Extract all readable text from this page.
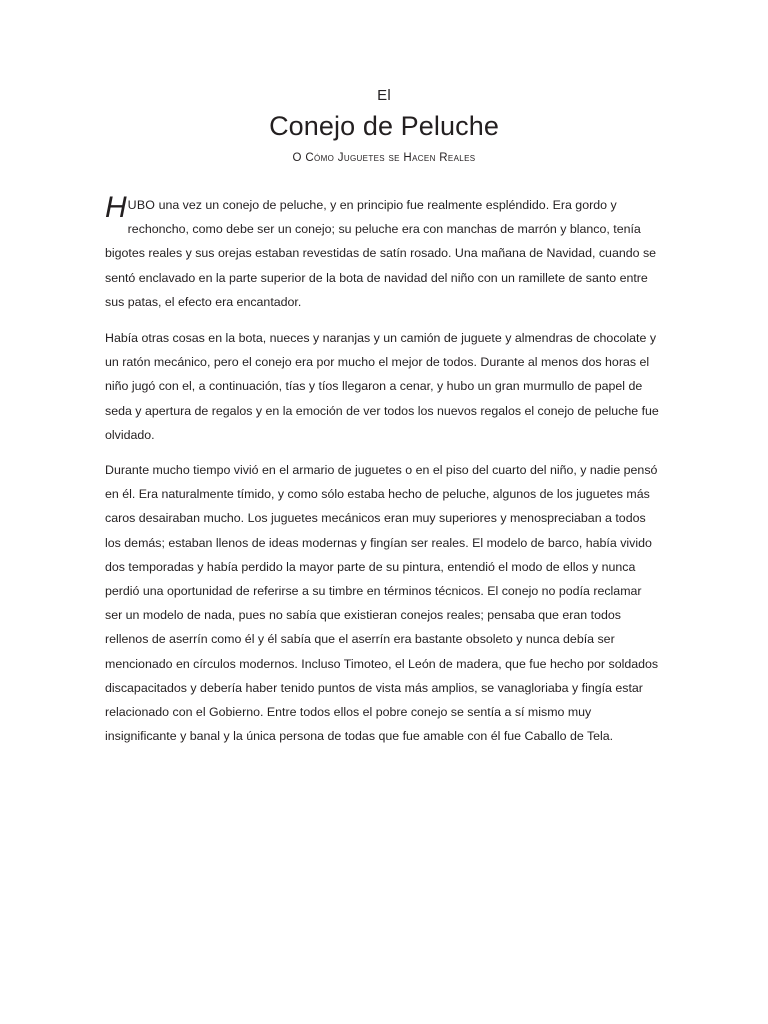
El
Conejo de Peluche
O Cómo Juguetes se Hacen Reales

HUBO una vez un conejo de peluche, y en principio fue realmente espléndido. Era gordo y rechoncho, como debe ser un conejo; su peluche era con manchas de marrón y blanco, tenía bigotes reales y sus orejas estaban revestidas de satín rosado. Una mañana de Navidad, cuando se sentó enclavado en la parte superior de la bota de navidad del niño con un ramillete de santo entre sus patas, el efecto era encantador.

Había otras cosas en la bota, nueces y naranjas y un camión de juguete y almendras de chocolate y un ratón mecánico, pero el conejo era por mucho el mejor de todos. Durante al menos dos horas el niño jugó con el, a continuación, tías y tíos llegaron a cenar, y hubo un gran murmullo de papel de seda y apertura de regalos y en la emoción de ver todos los nuevos regalos el conejo de peluche fue olvidado.

Durante mucho tiempo vivió en el armario de juguetes o en el piso del cuarto del niño, y nadie pensó en él. Era naturalmente tímido, y como sólo estaba hecho de peluche, algunos de los juguetes más caros desairaban mucho. Los juguetes mecánicos eran muy superiores y menospreciaban a todos los demás; estaban llenos de ideas modernas y fingían ser reales. El modelo de barco, había vivido dos temporadas y había perdido la mayor parte de su pintura, entendió el modo de ellos y nunca perdió una oportunidad de referirse a su timbre en términos técnicos. El conejo no podía reclamar ser un modelo de nada, pues no sabía que existieran conejos reales; pensaba que eran todos rellenos de aserrín como él y él sabía que el aserrín era bastante obsoleto y nunca debía ser mencionado en círculos modernos. Incluso Timoteo, el León de madera, que fue hecho por soldados discapacitados y debería haber tenido puntos de vista más amplios, se vanagloriaba y fingía estar relacionado con el Gobierno. Entre todos ellos el pobre conejo se sentía a sí mismo muy insignificante y banal y la única persona de todas que fue amable con él fue Caballo de Tela.
